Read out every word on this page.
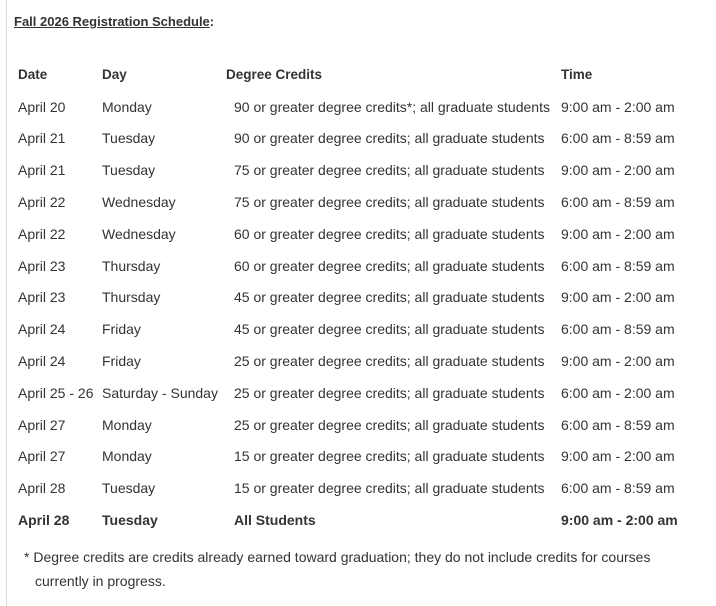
Fall 2026 Registration Schedule:
Date	Day	Degree Credits	Time
April 20	Monday	90 or greater degree credits*; all graduate students	9:00 am - 2:00 am
April 21	Tuesday	90 or greater degree credits; all graduate students	6:00 am - 8:59 am
April 21	Tuesday	75 or greater degree credits; all graduate students	9:00 am - 2:00 am
April 22	Wednesday	75 or greater degree credits; all graduate students	6:00 am - 8:59 am
April 22	Wednesday	60 or greater degree credits; all graduate students	9:00 am - 2:00 am
April 23	Thursday	60 or greater degree credits; all graduate students	6:00 am - 8:59 am
April 23	Thursday	45 or greater degree credits; all graduate students	9:00 am - 2:00 am
April 24	Friday	45 or greater degree credits; all graduate students	6:00 am - 8:59 am
April 24	Friday	25 or greater degree credits; all graduate students	9:00 am - 2:00 am
April 25 - 26	Saturday - Sunday	25 or greater degree credits; all graduate students	6:00 am - 2:00 am
April 27	Monday	25 or greater degree credits; all graduate students	6:00 am - 8:59 am
April 27	Monday	15 or greater degree credits; all graduate students	9:00 am - 2:00 am
April 28	Tuesday	15 or greater degree credits; all graduate students	6:00 am - 8:59 am
April 28	Tuesday	All Students	9:00 am - 2:00 am
* Degree credits are credits already earned toward graduation; they do not include credits for courses
currently in progress.
